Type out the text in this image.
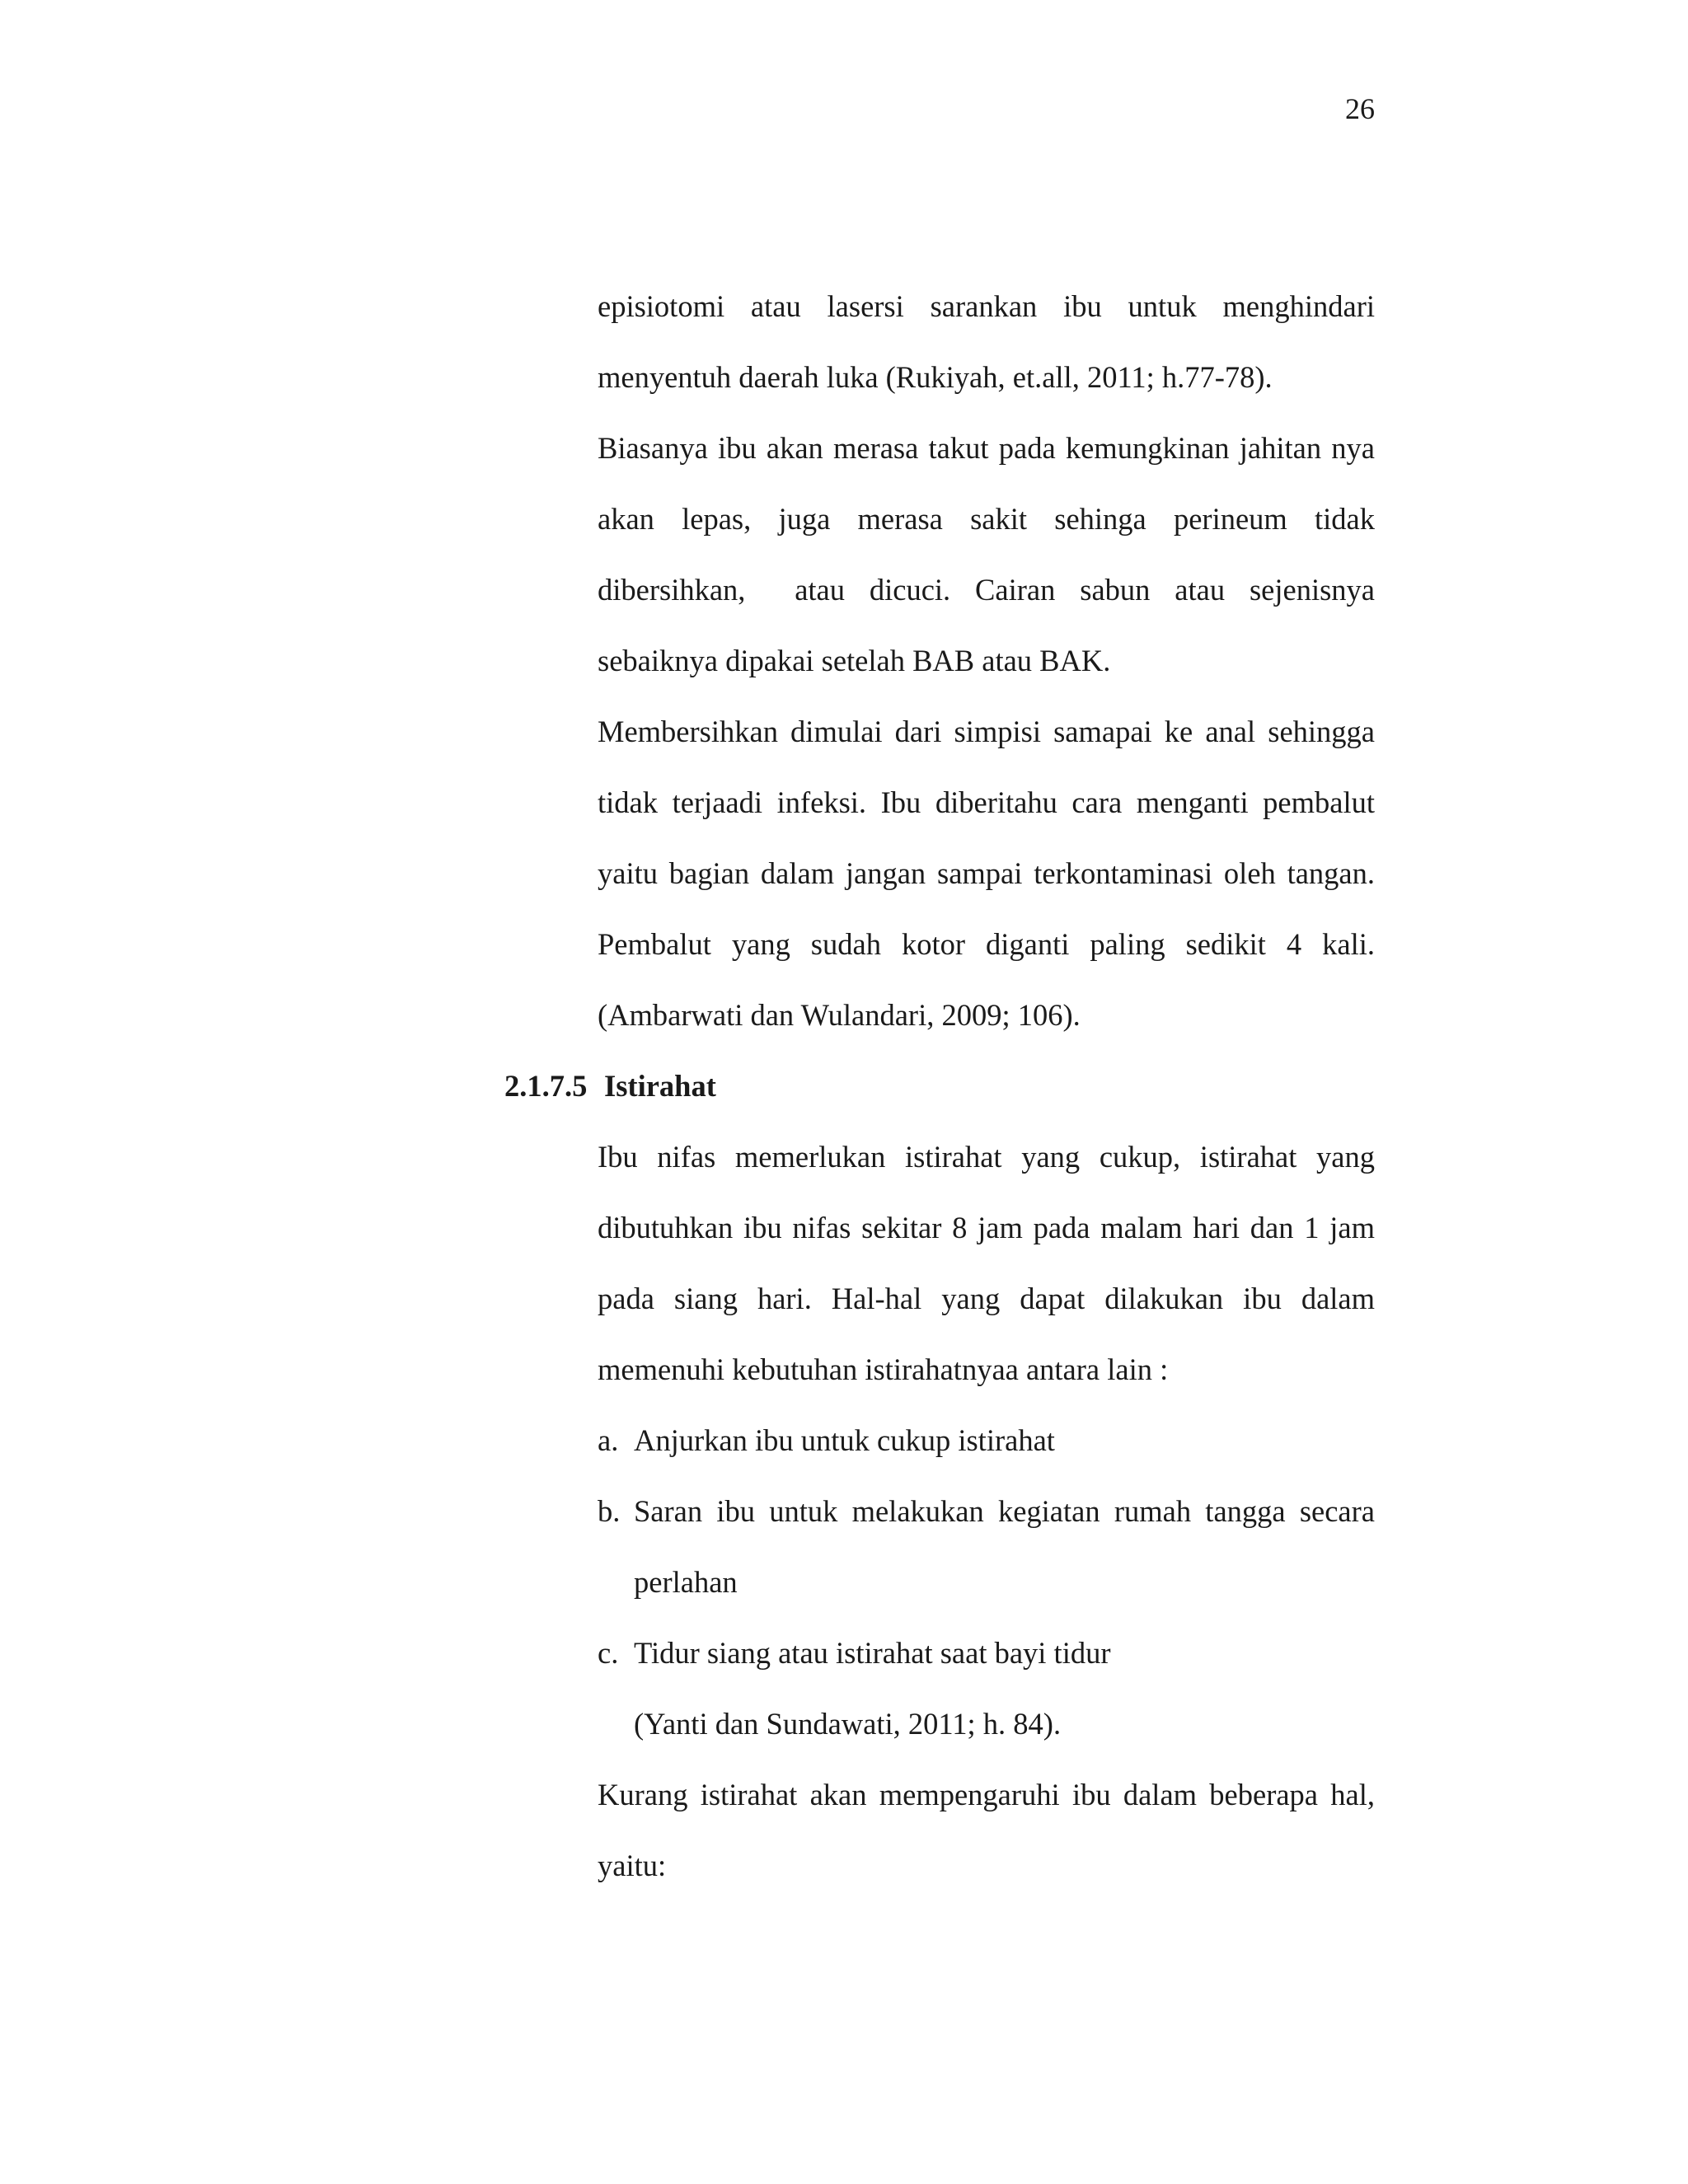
26
episiotomi atau lasersi sarankan ibu untuk menghindari
menyentuh daerah luka (Rukiyah, et.all, 2011; h.77-78).
Biasanya ibu akan merasa takut pada kemungkinan jahitan nya
akan lepas, juga merasa sakit sehinga perineum tidak
dibersihkan,  atau dicuci. Cairan sabun atau sejenisnya
sebaiknya dipakai setelah BAB atau BAK.
Membersihkan dimulai dari simpisi samapai ke anal sehingga
tidak terjaadi infeksi. Ibu diberitahu cara menganti pembalut
yaitu bagian dalam jangan sampai terkontaminasi oleh tangan.
Pembalut yang sudah kotor diganti paling sedikit 4 kali.
(Ambarwati dan Wulandari, 2009; 106).
2.1.7.5 Istirahat
Ibu nifas memerlukan istirahat yang cukup, istirahat yang
dibutuhkan ibu nifas sekitar 8 jam pada malam hari dan 1 jam
pada siang hari. Hal-hal yang dapat dilakukan ibu dalam
memenuhi kebutuhan istirahatnyaa antara lain :
a. Anjurkan ibu untuk cukup istirahat
b. Saran ibu untuk melakukan kegiatan rumah tangga secara
perlahan
c. Tidur siang atau istirahat saat bayi tidur
(Yanti dan Sundawati, 2011; h. 84).
Kurang istirahat akan mempengaruhi ibu dalam beberapa hal,
yaitu:
